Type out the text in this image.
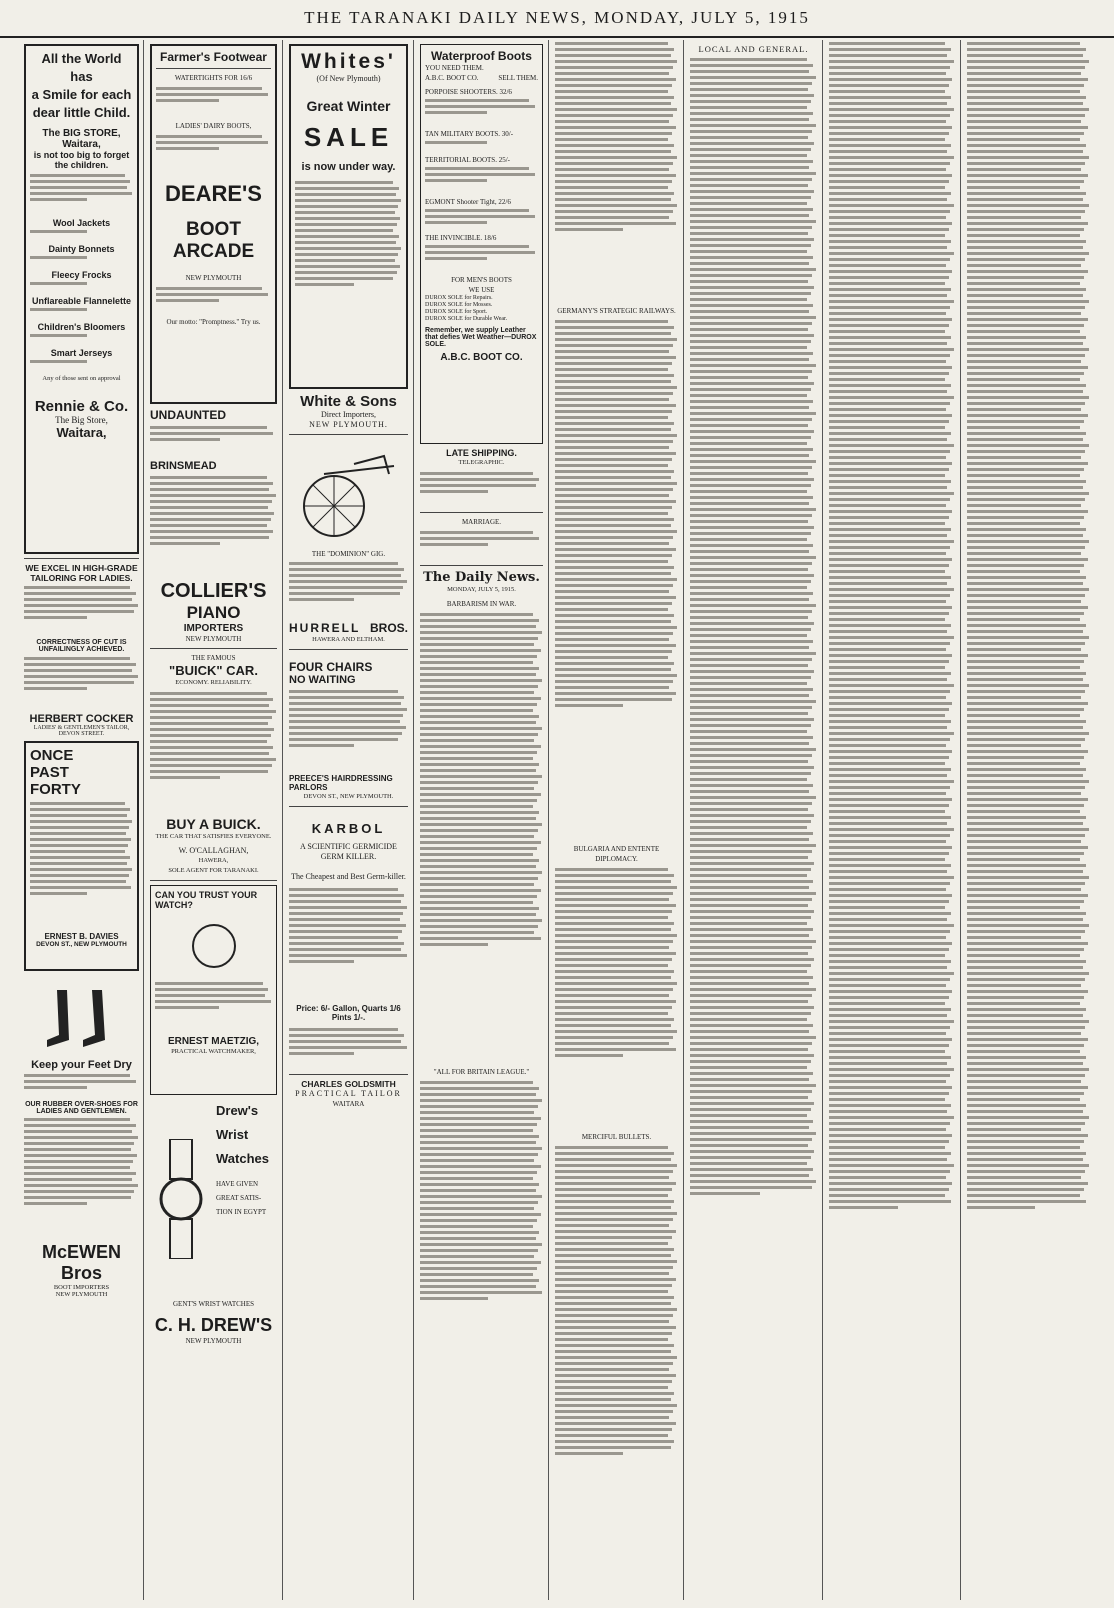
THE TARANAKI DAILY NEWS, MONDAY, JULY 5, 1915
All the World has
a Smile for each
dear little Child.
The BIG STORE, Waitara,
is not too big to forget the children.
Wool Jackets
Dainty Bonnets
Fleecy Frocks
Unflareable Flannelette
Children's Bloomers
Smart Jerseys
Any of those sent on approval
Rennie & Co.
The Big Store,
Waitara,
WE EXCEL IN HIGH-GRADE TAILORING FOR LADIES.
CORRECTNESS OF CUT IS UNFAILINGLY ACHIEVED.
HERBERT COCKER
LADIES' & GENTLEMEN'S TAILOR, DEVON STREET.
ONCE
PAST
FORTY
ERNEST B. DAVIES
DEVON ST., NEW PLYMOUTH
Keep your Feet Dry
OUR RUBBER OVER-SHOES FOR LADIES AND GENTLEMEN.
McEWEN Bros
BOOT IMPORTERS
NEW PLYMOUTH
Farmer's Footwear
WATERTIGHTS FOR 16/6
LADIES' DAIRY BOOTS,
DEARE'S
BOOT ARCADE
NEW PLYMOUTH
Our motto: "Promptness." Try us.
UNDAUNTED
BRINSMEAD
COLLIER'S
PIANO
IMPORTERS
NEW PLYMOUTH
THE FAMOUS
"BUICK" CAR.
ECONOMY. RELIABILITY.
BUY A BUICK.
THE CAR THAT SATISFIES EVERYONE.
W. O'CALLAGHAN,
HAWERA,
SOLE AGENT FOR TARANAKI.
CAN YOU TRUST YOUR WATCH?
ERNEST MAETZIG,
PRACTICAL WATCHMAKER,
Drew's
Wrist
Watches
HAVE GIVEN GREAT SATIS-TION IN EGYPT
GENT'S WRIST WATCHES
C. H. DREW'S
NEW PLYMOUTH
Whites'
(Of New Plymouth)
Great Winter
SALE
is now under way.
White & Sons
Direct Importers,
NEW PLYMOUTH.
THE "DOMINION" GIG.
HURRELL BROS.
HAWERA AND ELTHAM.
FOUR CHAIRS
NO WAITING
PREECE'S HAIRDRESSING PARLORS
DEVON ST., NEW PLYMOUTH.
KARBOL
A SCIENTIFIC GERMICIDE GERM KILLER.
The Cheapest and Best Germ-killer.
Price: 6/- Gallon, Quarts 1/6 Pints 1/-.
CHARLES GOLDSMITH
PRACTICAL TAILOR
WAITARA
Waterproof Boots
YOU NEED THEM.
A.B.C. BOOT CO.	SELL THEM.
PORPOISE SHOOTERS. 32/6
TAN MILITARY BOOTS. 30/-
TERRITORIAL BOOTS. 25/-
EGMONT Shooter Tight, 22/6
THE INVINCIBLE. 18/6
FOR MEN'S BOOTS
WE USE
DUROX SOLE for Repairs.
DUROX SOLE for Mosses.
DUROX SOLE for Sport.
DUROX SOLE for Durable Wear.
Remember, we supply Leather that defies Wet Weather—DUROX SOLE.
A.B.C. BOOT CO.
LATE SHIPPING.
TELEGRAPHIC.
MARRIAGE.
The Daily News.
MONDAY, JULY 5, 1915.
BARBARISM IN WAR.
"ALL FOR BRITAIN LEAGUE."
GERMANY'S STRATEGIC RAILWAYS.
BULGARIA AND ENTENTE DIPLOMACY.
MERCIFUL BULLETS.
LOCAL AND GENERAL.
